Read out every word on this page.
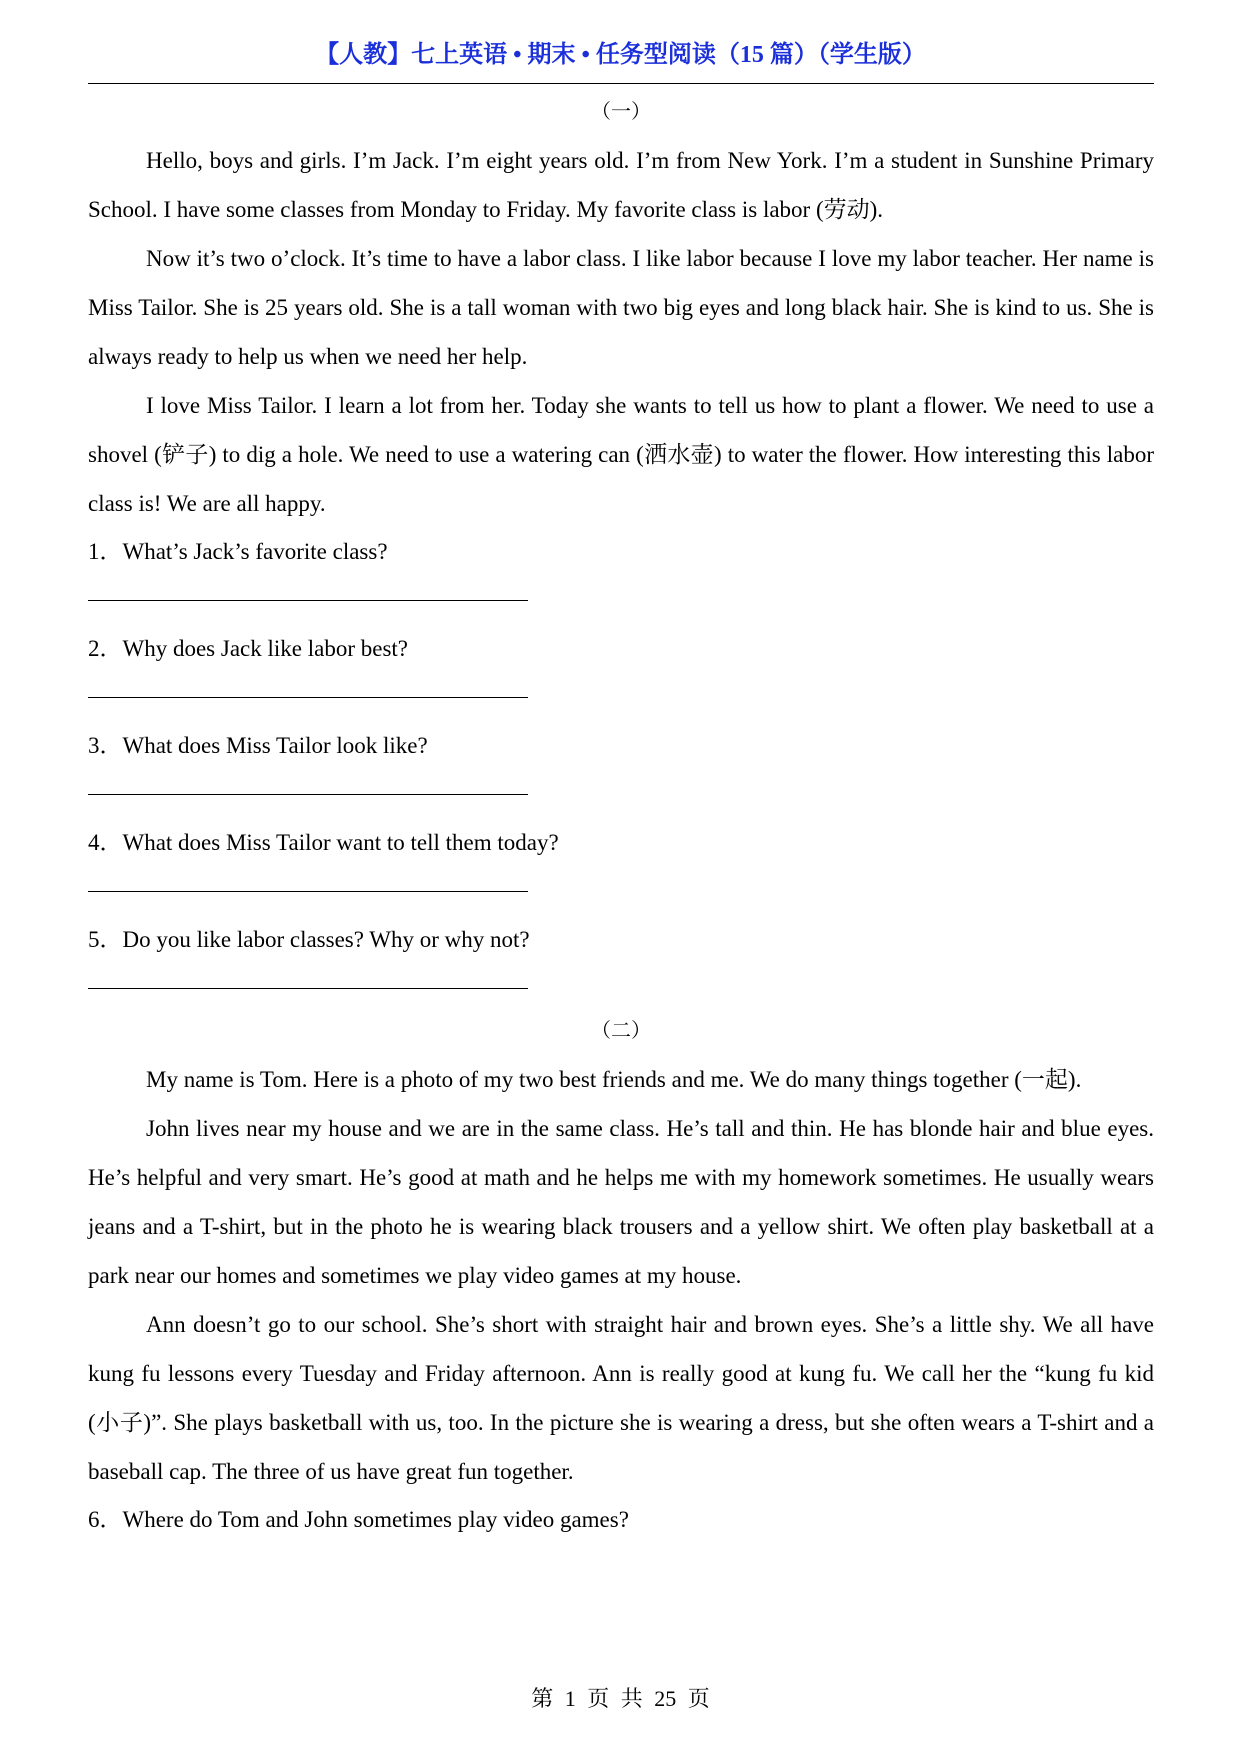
【人教】七上英语 • 期末 • 任务型阅读（15 篇）（学生版）
（一）

Hello, boys and girls. I’m Jack. I’m eight years old. I’m from New York. I’m a student in Sunshine Primary School. I have some classes from Monday to Friday. My favorite class is labor (劳动).

Now it’s two o’clock. It’s time to have a labor class. I like labor because I love my labor teacher. Her name is Miss Tailor. She is 25 years old. She is a tall woman with two big eyes and long black hair. She is kind to us. She is always ready to help us when we need her help.

I love Miss Tailor. I learn a lot from her. Today she wants to tell us how to plant a flower. We need to use a shovel (铲子) to dig a hole. We need to use a watering can (洒水壶) to water the flower. How interesting this labor class is! We are all happy.

1．What’s Jack’s favorite class?

2．Why does Jack like labor best?

3．What does Miss Tailor look like?

4．What does Miss Tailor want to tell them today?

5．Do you like labor classes? Why or why not?

（二）

My name is Tom. Here is a photo of my two best friends and me. We do many things together (一起).

John lives near my house and we are in the same class. He’s tall and thin. He has blonde hair and blue eyes. He’s helpful and very smart. He’s good at math and he helps me with my homework sometimes. He usually wears jeans and a T-shirt, but in the photo he is wearing black trousers and a yellow shirt. We often play basketball at a park near our homes and sometimes we play video games at my house.

Ann doesn’t go to our school. She’s short with straight hair and brown eyes. She’s a little shy. We all have kung fu lessons every Tuesday and Friday afternoon. Ann is really good at kung fu. We call her the “kung fu kid (小子)”. She plays basketball with us, too. In the picture she is wearing a dress, but she often wears a T-shirt and a baseball cap. The three of us have great fun together.

6．Where do Tom and John sometimes play video games?

第 1 页 共 25 页
